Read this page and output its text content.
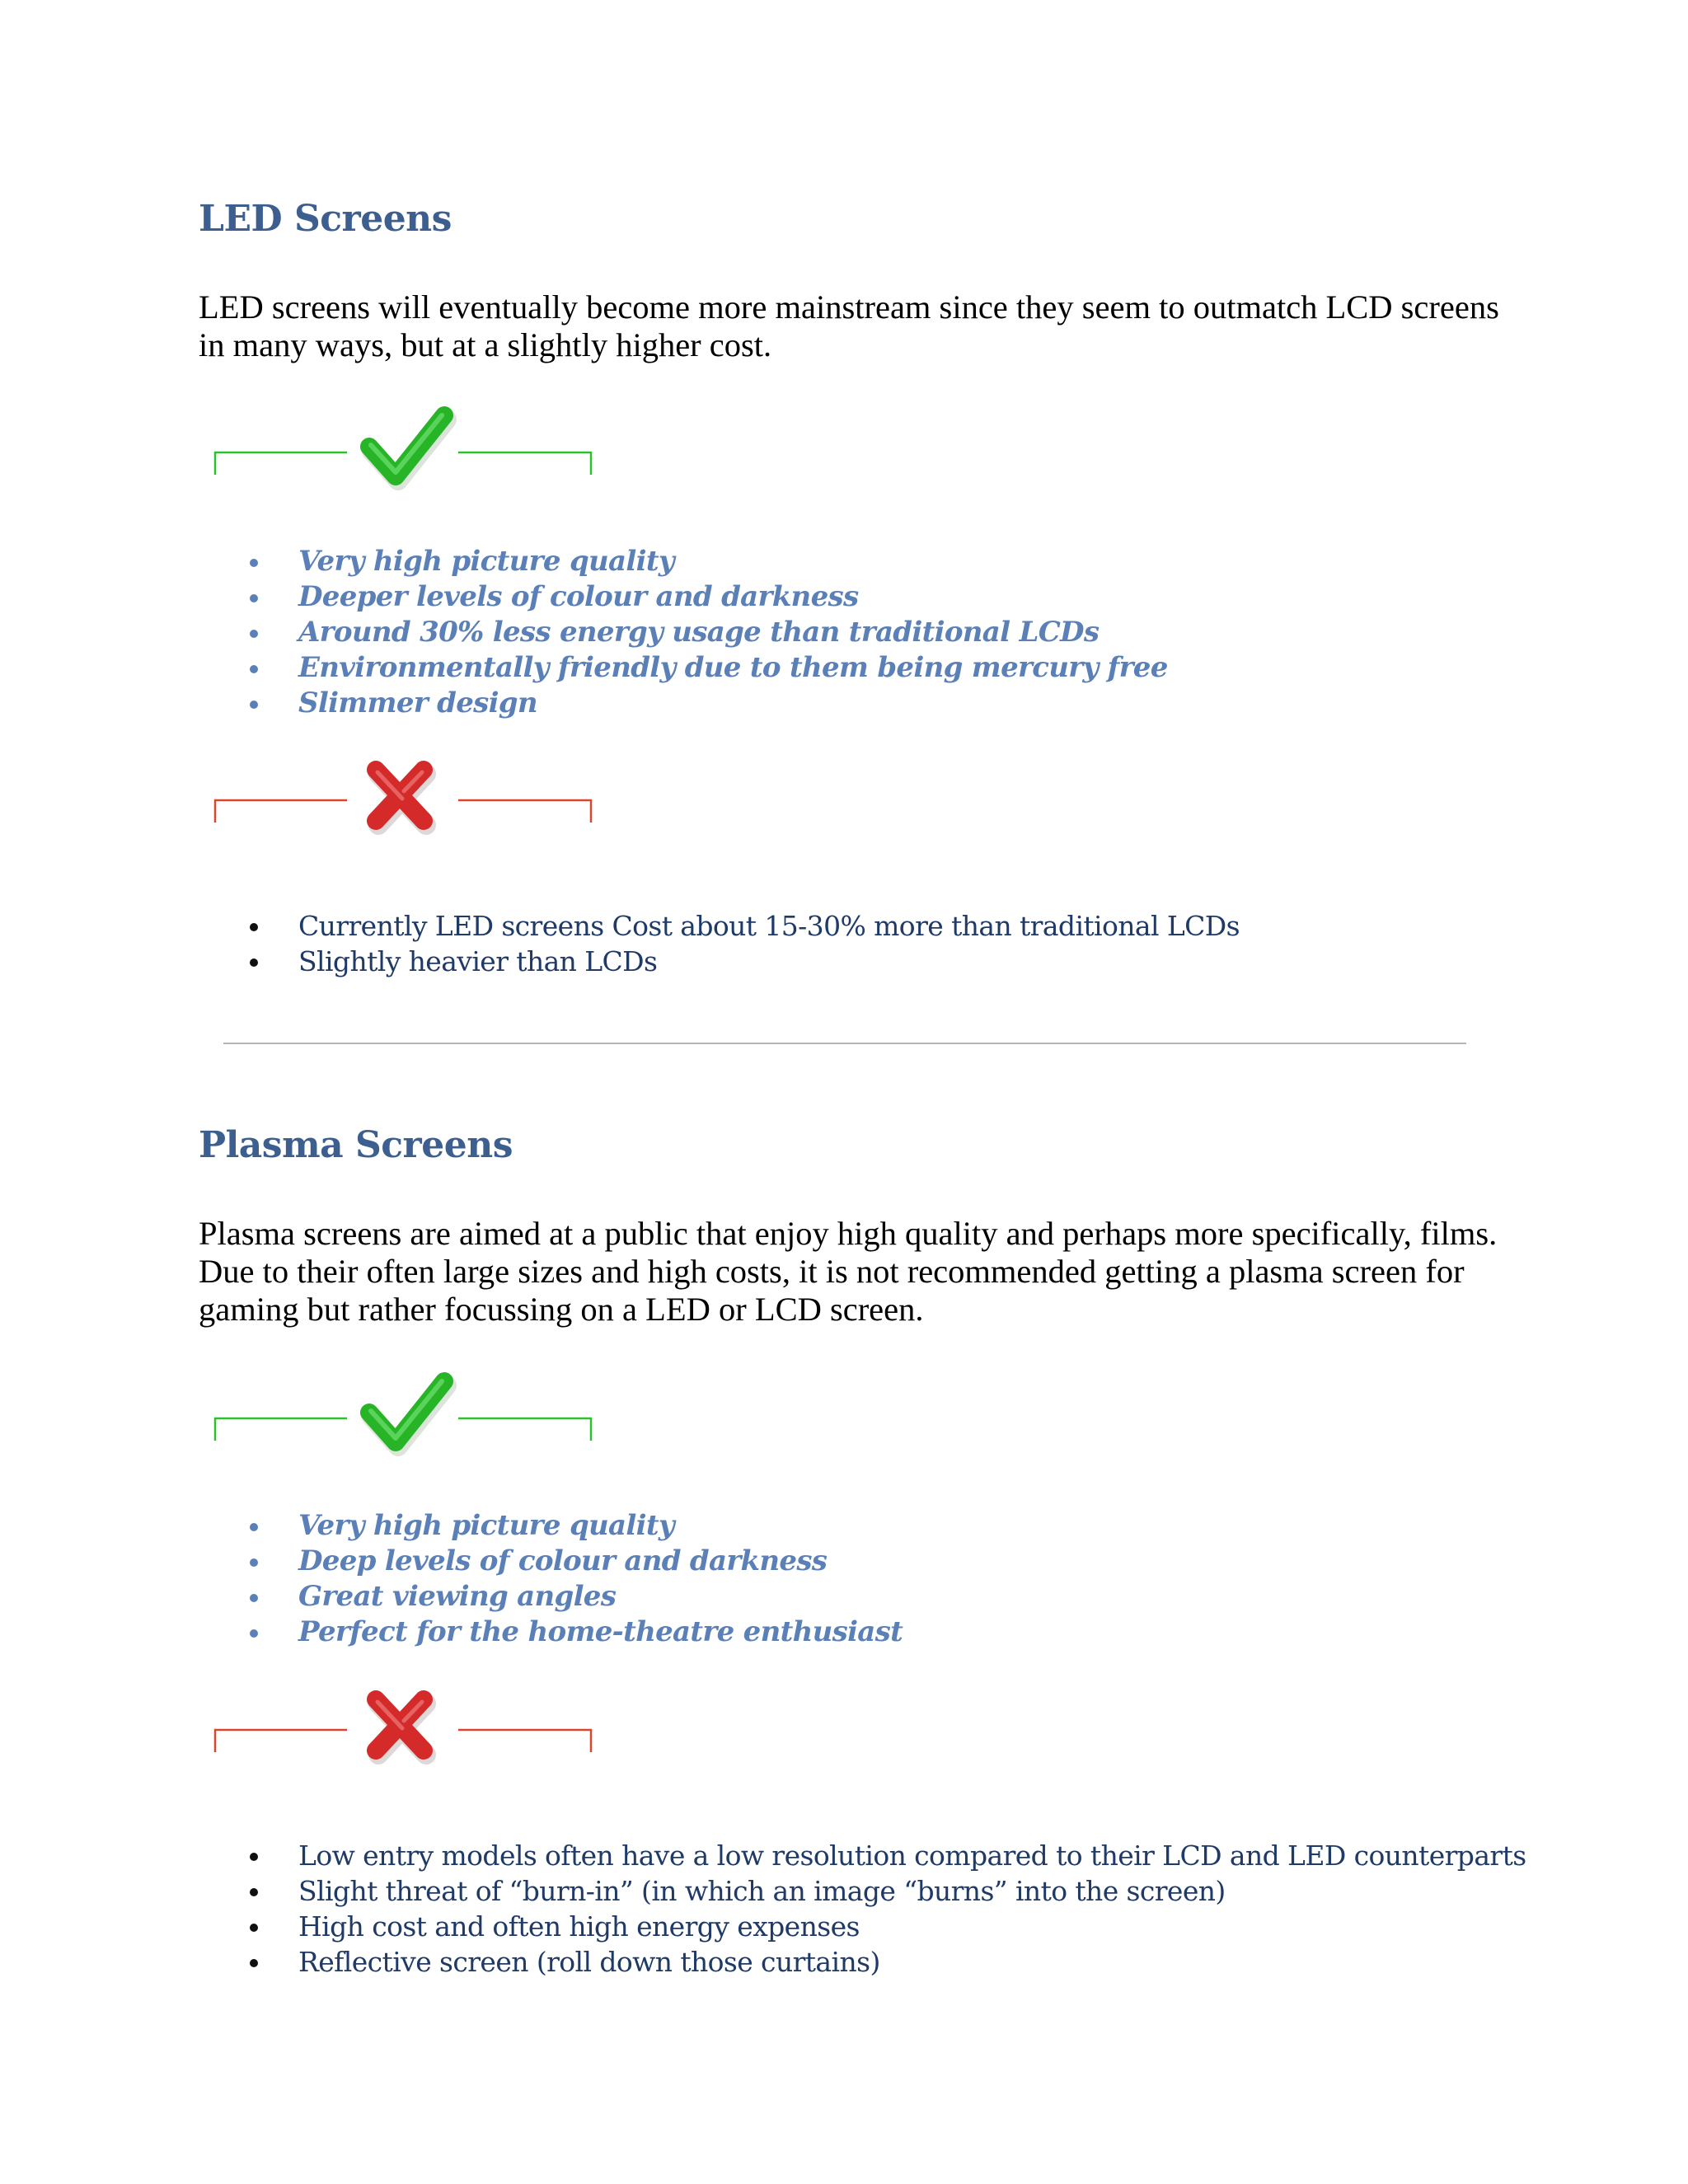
LED Screens
LED screens will eventually become more mainstream since they seem to outmatch LCD screens
in many ways, but at a slightly higher cost.
Very high picture quality
Deeper levels of colour and darkness
Around 30% less energy usage than traditional LCDs
Environmentally friendly due to them being mercury free
Slimmer design
Currently LED screens Cost about 15-30% more than traditional LCDs
Slightly heavier than LCDs
Plasma Screens
Plasma screens are aimed at a public that enjoy high quality and perhaps more specifically, films.
Due to their often large sizes and high costs, it is not recommended getting a plasma screen for
gaming but rather focussing on a LED or LCD screen.
Very high picture quality
Deep levels of colour and darkness
Great viewing angles
Perfect for the home-theatre enthusiast
Low entry models often have a low resolution compared to their LCD and LED counterparts
Slight threat of “burn-in” (in which an image “burns” into the screen)
High cost and often high energy expenses
Reflective screen (roll down those curtains)
